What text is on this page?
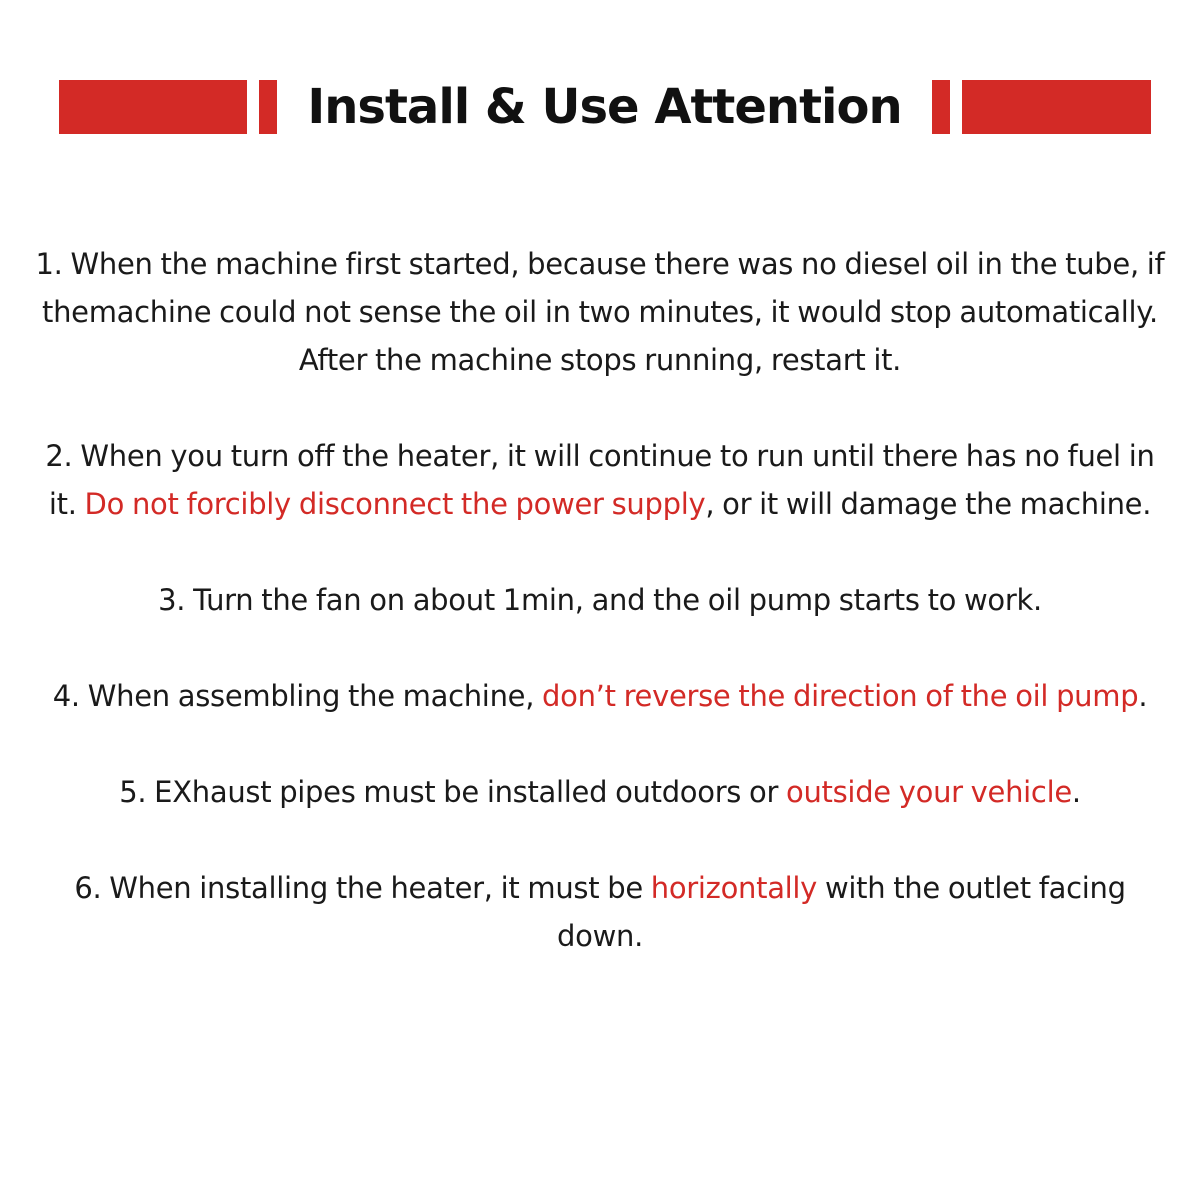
Install & Use Attention

1. When the machine first started, because there was no diesel oil in the tube, if themachine could not sense the oil in two minutes, it would stop automatically. After the machine stops running, restart it.

2. When you turn off the heater, it will continue to run until there has no fuel in it. Do not forcibly disconnect the power supply, or it will damage the machine.

3. Turn the fan on about 1min, and the oil pump starts to work.

4. When assembling the machine, don’t reverse the direction of the oil pump.

5. EXhaust pipes must be installed outdoors or outside your vehicle.

6. When installing the heater, it must be horizontally with the outlet facing down.
